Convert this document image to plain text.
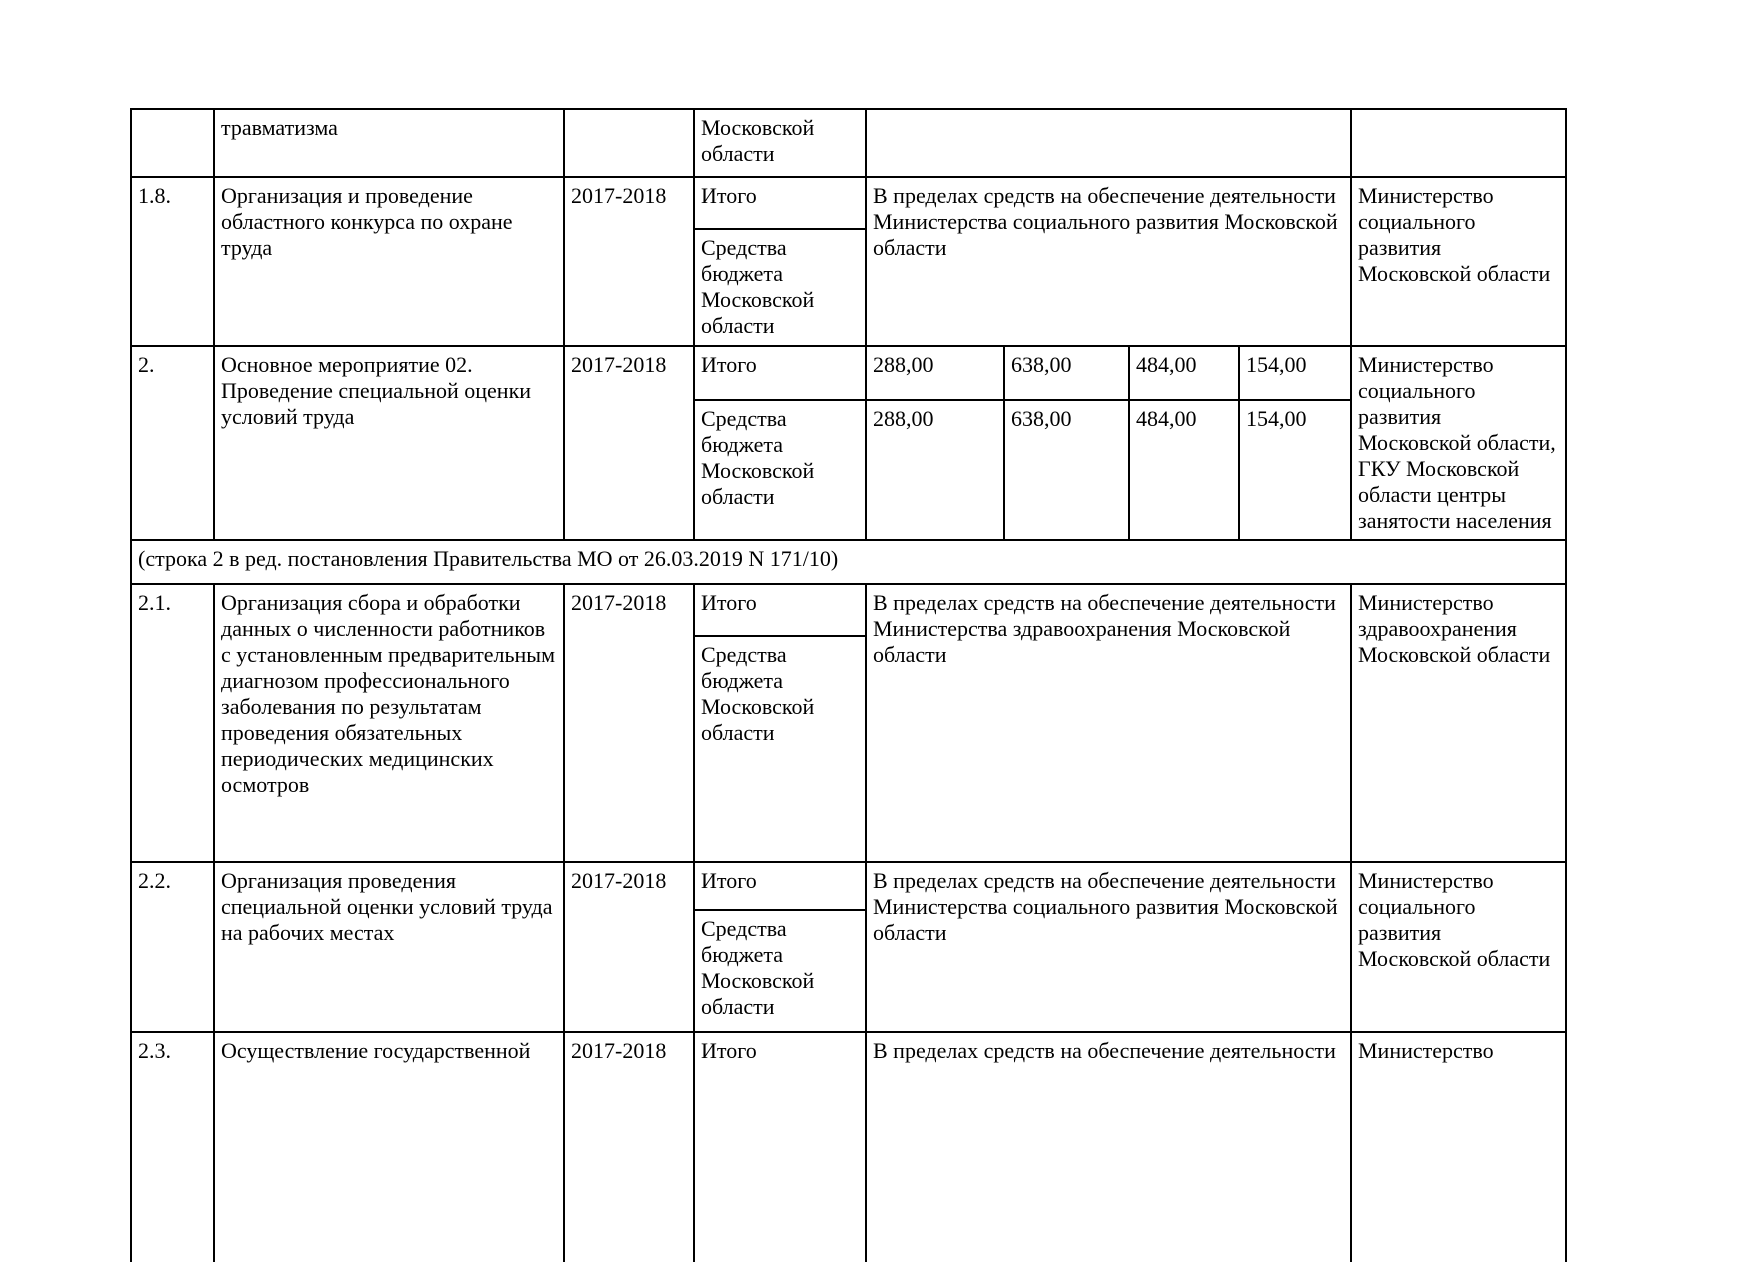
	травматизма		Московской области					
1.8.	Организация и проведение областного конкурса по охране труда	2017-2018	Итого	В пределах средств на обеспечение деятельности Министерства социального развития Московской области				Министерство социального развития Московской области
			Средства бюджета Московской области					
2.	Основное мероприятие 02. Проведение специальной оценки условий труда	2017-2018	Итого	288,00	638,00	484,00	154,00	Министерство социального развития Московской области, ГКУ Московской области центры занятости населения
			Средства бюджета Московской области	288,00	638,00	484,00	154,00	
(строка 2 в ред. постановления Правительства МО от 26.03.2019 N 171/10)								
2.1.	Организация сбора и обработки данных о численности работников с установленным предварительным диагнозом профессионального заболевания по результатам проведения обязательных периодических медицинских осмотров	2017-2018	Итого	В пределах средств на обеспечение деятельности Министерства здравоохранения Московской области				Министерство здравоохранения Московской области
			Средства бюджета Московской области					
2.2.	Организация проведения специальной оценки условий труда на рабочих местах	2017-2018	Итого	В пределах средств на обеспечение деятельности Министерства социального развития Московской области				Министерство социального развития Московской области
			Средства бюджета Московской области					
2.3.	Осуществление государственной	2017-2018	Итого	В пределах средств на обеспечение деятельности				Министерство
